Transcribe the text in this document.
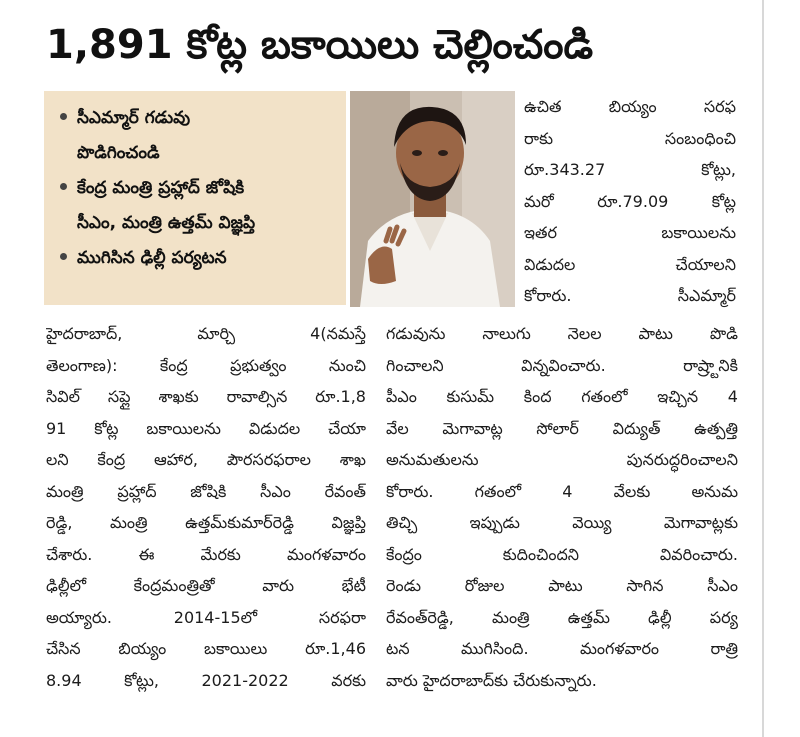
1,891 కోట్ల బకాయిలు చెల్లించండి
సీఎమ్మార్ గడువు
పొడిగించండి
కేంద్ర మంత్రి ప్రహ్లాద్ జోషికి
సీఎం, మంత్రి ఉత్తమ్ విజ్ఞప్తి
ముగిసిన ఢిల్లీ పర్యటన
ఉచిత బియ్యం సరఫ
రాకు సంబంధించి
రూ.343.27 కోట్లు,
మరో రూ.79.09 కోట్ల
ఇతర బకాయిలను
విడుదల చేయాలని
కోరారు. సీఎమ్మార్
హైదరాబాద్, మార్చి 4(నమస్తే
తెలంగాణ): కేంద్ర ప్రభుత్వం నుంచి
సివిల్ సప్లై శాఖకు రావాల్సిన రూ.1,8
91 కోట్ల బకాయిలను విడుదల చేయా
లని కేంద్ర ఆహార, పౌరసరఫరాల శాఖ
మంత్రి ప్రహ్లాద్ జోషికి సీఎం రేవంత్
రెడ్డి, మంత్రి ఉత్తమ్‌కుమార్‌రెడ్డి విజ్ఞప్తి
చేశారు. ఈ మేరకు మంగళవారం
ఢిల్లీలో కేంద్రమంత్రితో వారు భేటీ
అయ్యారు. 2014-15లో సరఫరా
చేసిన బియ్యం బకాయిలు రూ.1,46
8.94 కోట్లు, 2021-2022 వరకు
గడువును నాలుగు నెలల పాటు పొడి
గించాలని విన్నవించారు. రాష్ర్టానికి
పీఎం కుసుమ్ కింద గతంలో ఇచ్చిన 4
వేల మెగావాట్ల సోలార్ విద్యుత్ ఉత్పత్తి
అనుమతులను పునరుద్ధరించాలని
కోరారు. గతంలో 4 వేలకు అనుమ
తిచ్చి ఇప్పుడు వెయ్యి మెగావాట్లకు
కేంద్రం కుదించిందని వివరించారు.
రెండు రోజుల పాటు సాగిన సీఎం
రేవంత్‌రెడ్డి, మంత్రి ఉత్తమ్ ఢిల్లీ పర్య
టన ముగిసింది. మంగళవారం రాత్రి
వారు హైదరాబాద్‌కు చేరుకున్నారు.
